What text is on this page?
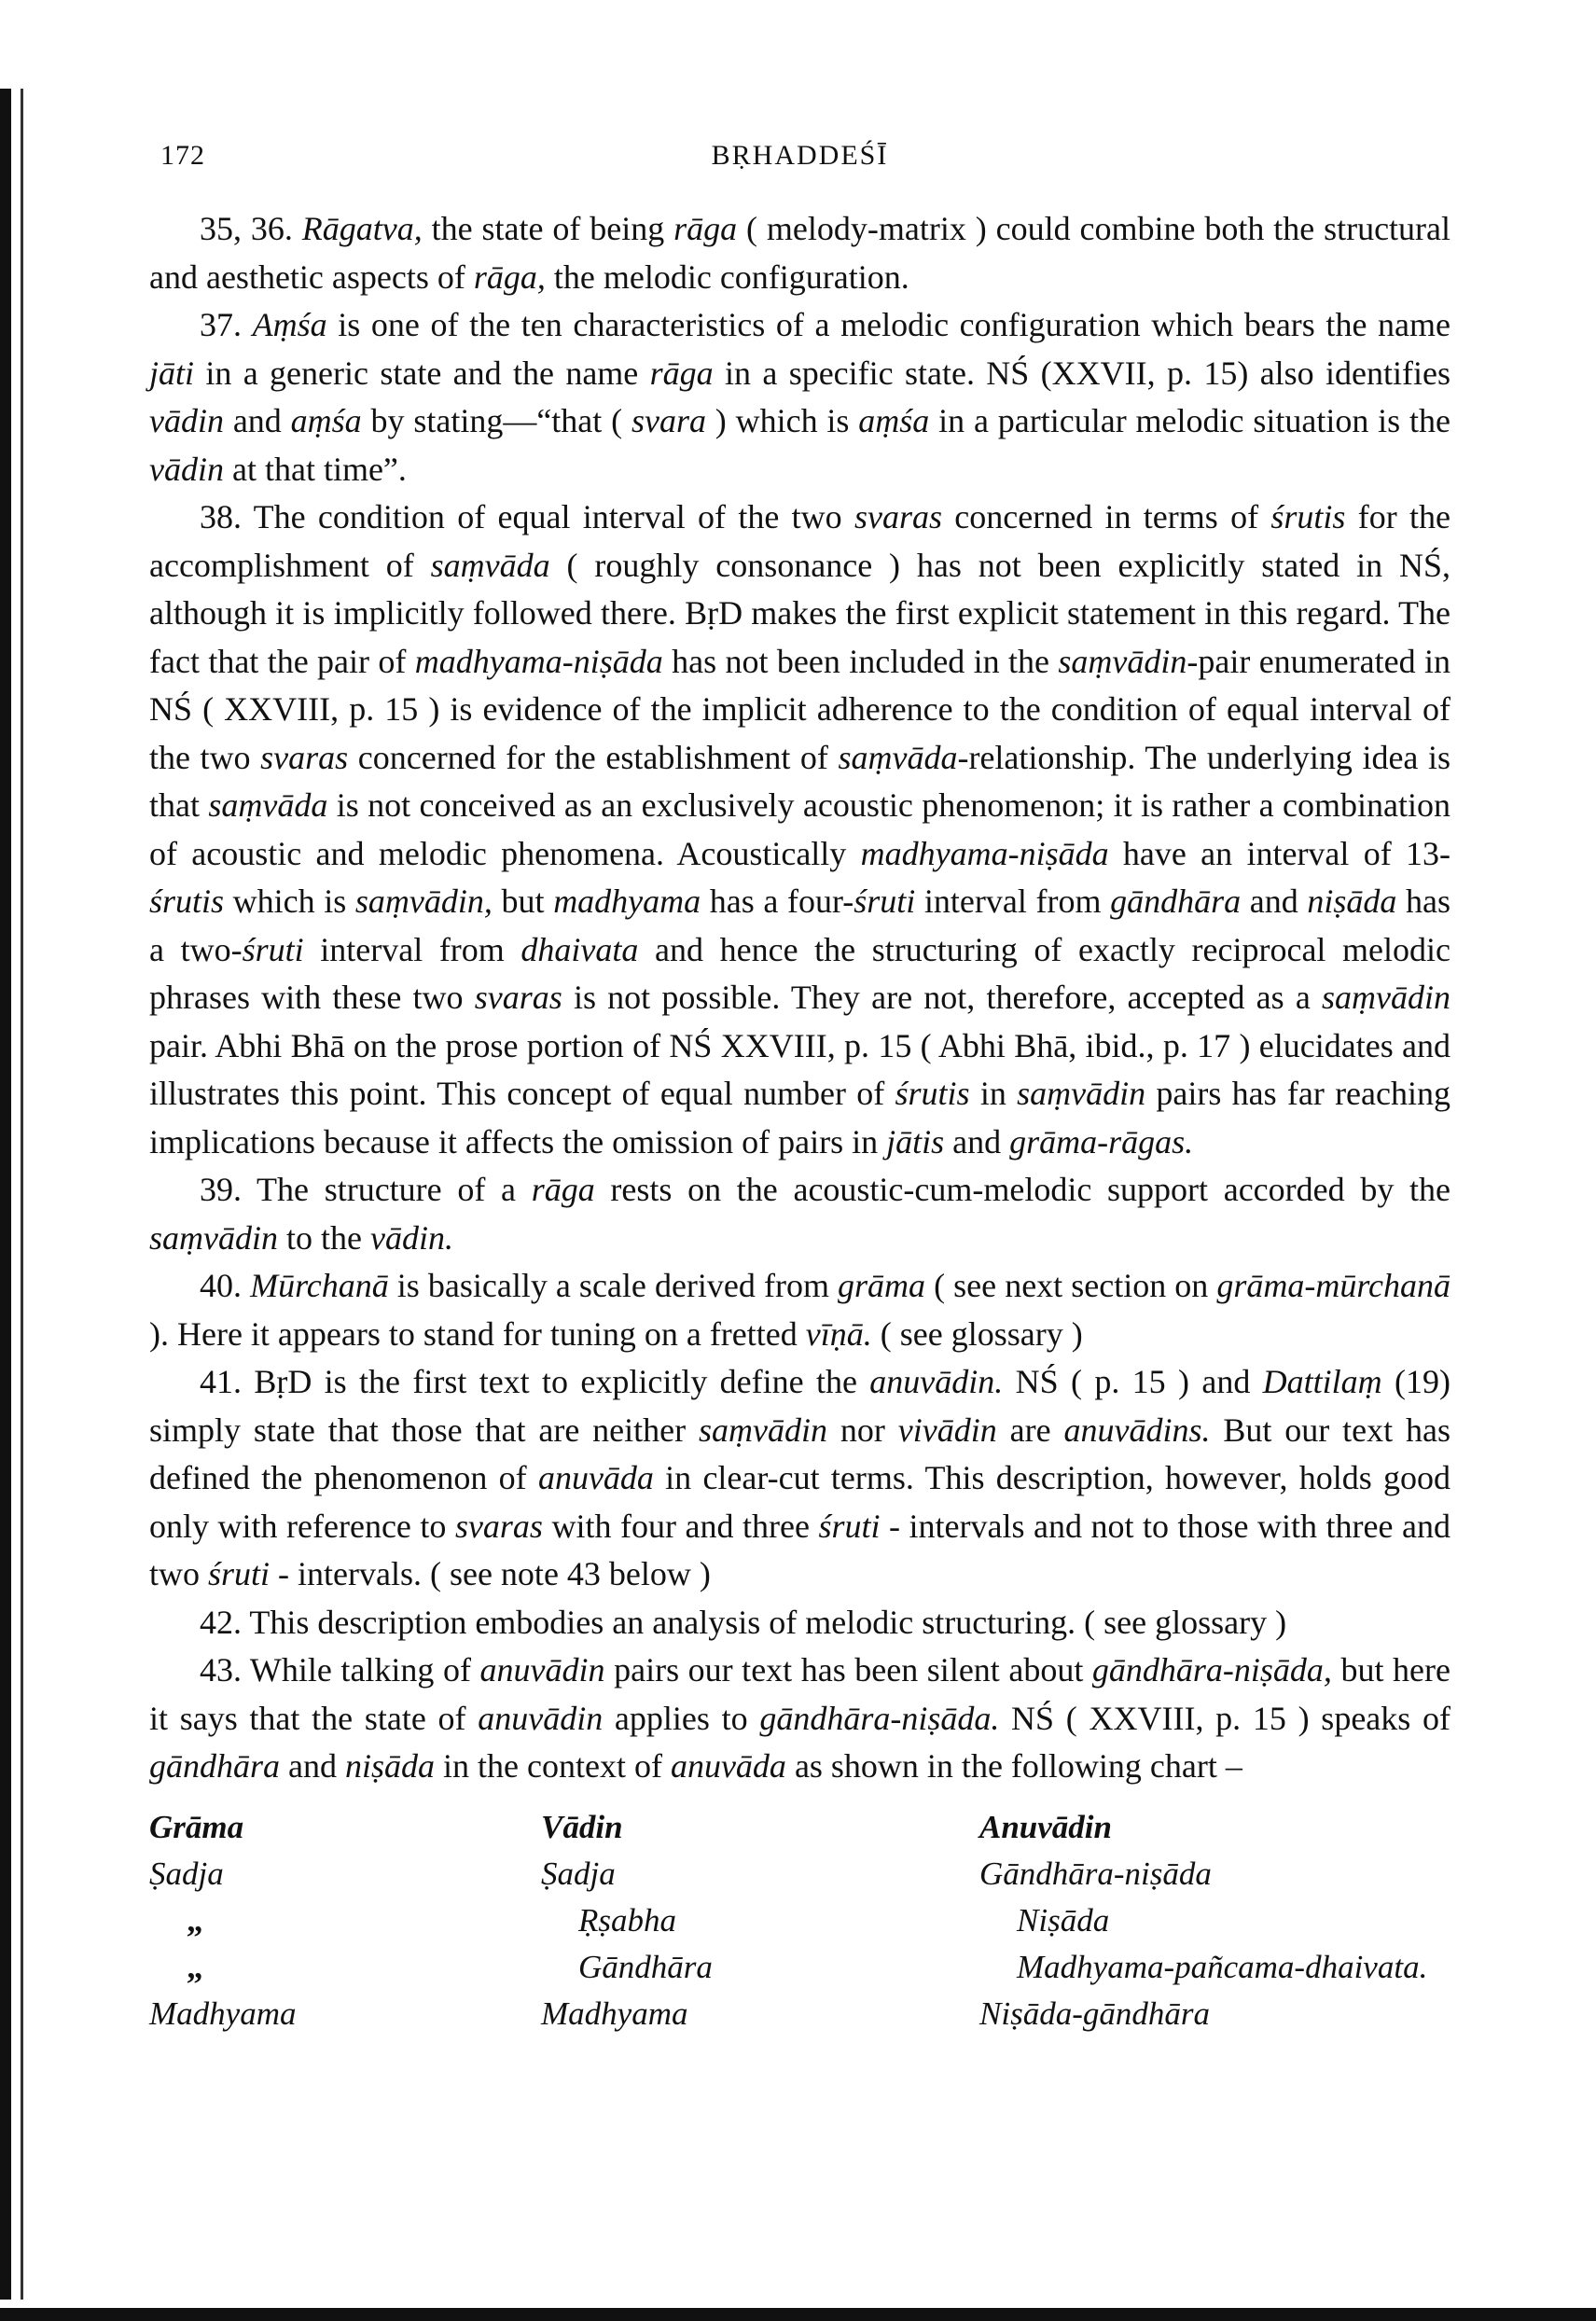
172	BṚHADDEŚĪ

35, 36. Rāgatva, the state of being rāga ( melody-matrix ) could combine both the structural and aesthetic aspects of rāga, the melodic configuration.

37. Aṃśa is one of the ten characteristics of a melodic configuration which bears the name jāti in a generic state and the name rāga in a specific state. NŚ (XXVII, p. 15) also identifies vādin and aṃśa by stating—“that ( svara ) which is aṃśa in a particular melodic situation is the vādin at that time”.

38. The condition of equal interval of the two svaras concerned in terms of śrutis for the accomplishment of saṃvāda ( roughly consonance ) has not been explicitly stated in NŚ, although it is implicitly followed there. BṛD makes the first explicit statement in this regard. The fact that the pair of madhyama-niṣāda has not been included in the saṃvādin-pair enumerated in NŚ ( XXVIII, p. 15 ) is evidence of the implicit adherence to the condition of equal interval of the two svaras concerned for the establishment of saṃvāda-relationship. The underlying idea is that saṃvāda is not conceived as an exclusively acoustic phenomenon; it is rather a combination of acoustic and melodic phenomena. Acoustically madhyama-niṣāda have an interval of 13-śrutis which is saṃvādin, but madhyama has a four-śruti interval from gāndhāra and niṣāda has a two-śruti interval from dhaivata and hence the structuring of exactly reciprocal melodic phrases with these two svaras is not possible. They are not, therefore, accepted as a saṃvādin pair. Abhi Bhā on the prose portion of NŚ XXVIII, p. 15 ( Abhi Bhā, ibid., p. 17 ) elucidates and illustrates this point. This concept of equal number of śrutis in saṃvādin pairs has far reaching implications because it affects the omission of pairs in jātis and grāma-rāgas.

39. The structure of a rāga rests on the acoustic-cum-melodic support accorded by the saṃvādin to the vādin.

40. Mūrchanā is basically a scale derived from grāma ( see next section on grāma-mūrchanā ). Here it appears to stand for tuning on a fretted vīṇā. ( see glossary )

41. BṛD is the first text to explicitly define the anuvādin. NŚ ( p. 15 ) and Dattilaṃ (19) simply state that those that are neither saṃvādin nor vivādin are anuvādins. But our text has defined the phenomenon of anuvāda in clear-cut terms. This description, however, holds good only with reference to svaras with four and three śruti - intervals and not to those with three and two śruti - intervals. ( see note 43 below )

42. This description embodies an analysis of melodic structuring. ( see glossary )

43. While talking of anuvādin pairs our text has been silent about gāndhāra-niṣāda, but here it says that the state of anuvādin applies to gāndhāra-niṣāda. NŚ ( XXVIII, p. 15 ) speaks of gāndhāra and niṣāda in the context of anuvāda as shown in the following chart –

Grāma	Vādin	Anuvādin
Ṣadja	Ṣadja	Gāndhāra-niṣāda
„	Ṛṣabha	Niṣāda
„	Gāndhāra	Madhyama-pañcama-dhaivata.
Madhyama	Madhyama	Niṣāda-gāndhāra
